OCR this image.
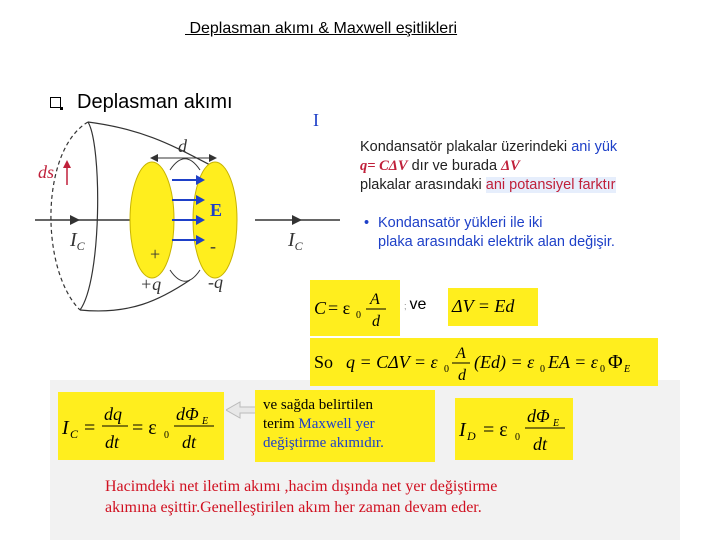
Deplasman akımı & Maxwell eşitlikleri
Deplasman akımı
ds
d
E
$I_C$	$I_C$
+	-
+q	-q
I
Kondansatör plakalar üzerindeki ani yük
q= CΔV dır ve burada ΔV
plakalar arasındaki ani potansiyel farktır
• Kondansatör yükleri ile iki
plaka arasındaki elektrik alan değişir.
C = ε 0
A
d
; ve ΔV = Ed
So q = CΔV = ε 0
A
d
(Ed) = ε 0 EA = ε 0 Φ E
I C =
dq
dt
= ε 0
dΦ E
dt
ve sağda belirtilen
terim Maxwell yer
değiştirme akımıdır.
I D = ε 0
dΦ E
dt
Hacimdeki net iletim akımı ,hacim dışında net yer değiştirme
akımına eşittir.Genelleştirilen akım her zaman devam eder.
